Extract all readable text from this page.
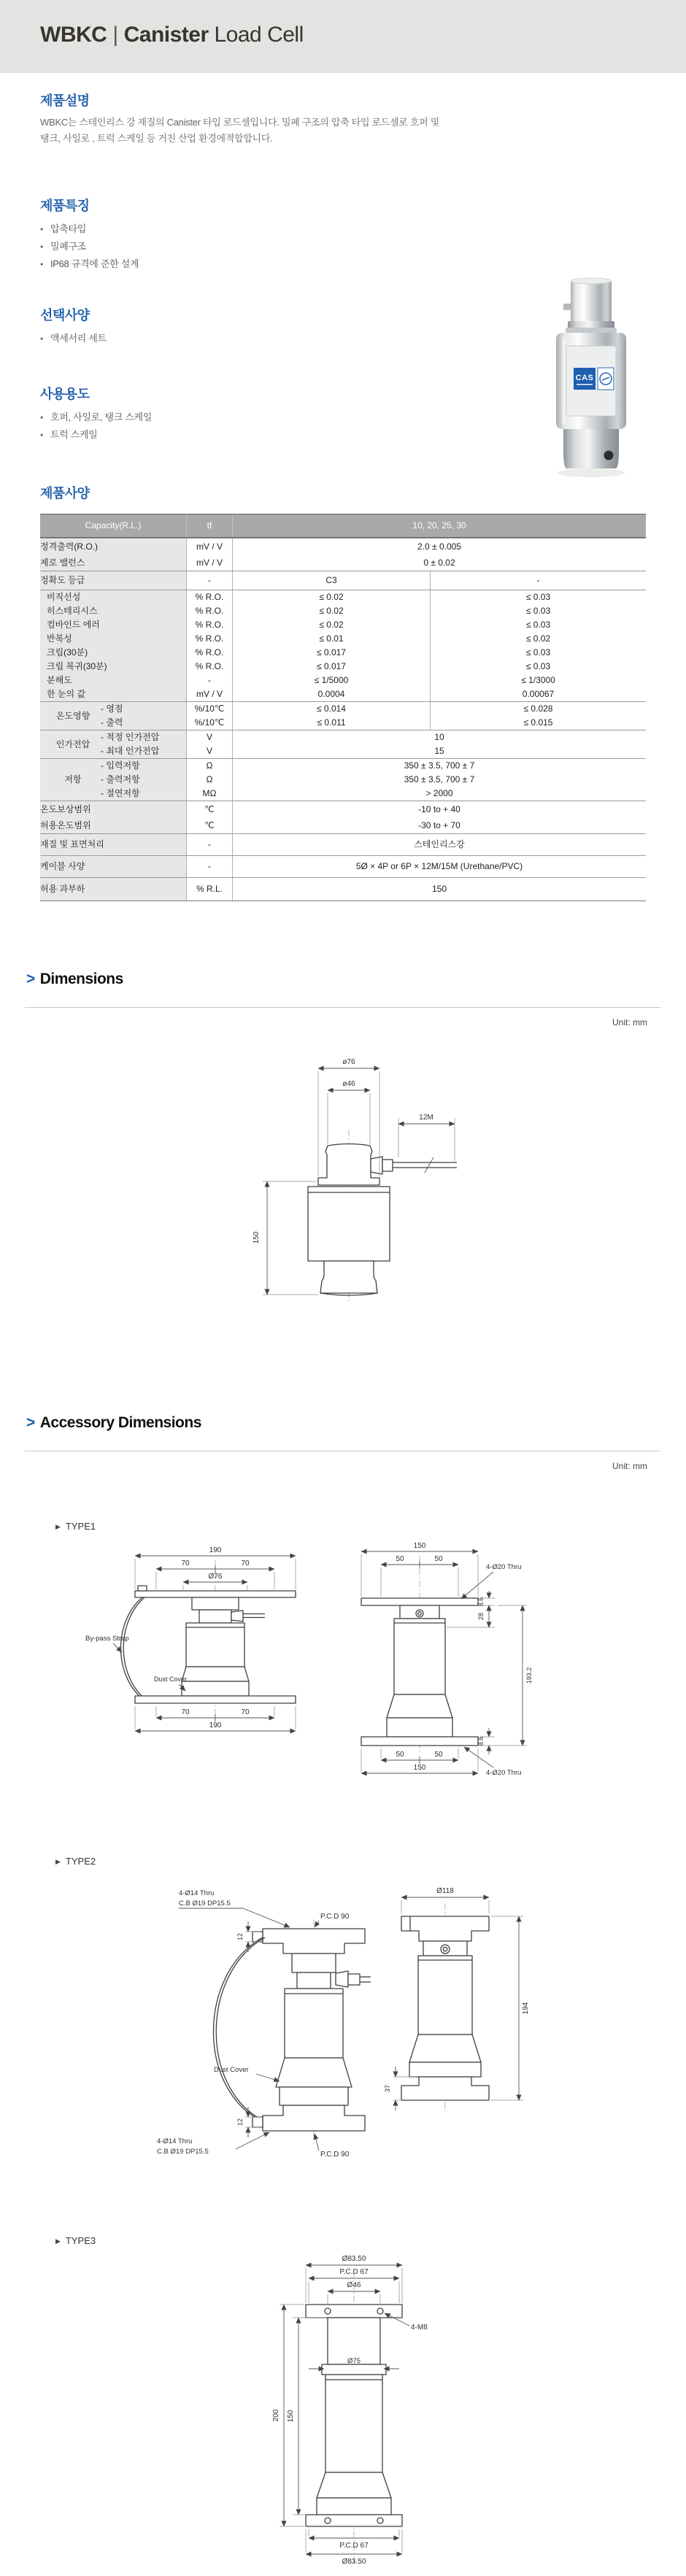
WBKC | Canister Load Cell
제품설명
WBKC는 스테인리스 강 재질의 Canister 타입 로드셀입니다. 밀폐 구조의 압축 타입 로드셀로 호퍼 및
탱크, 사일로 , 트럭 스케일 등 거친 산업 환경에적합합니다.
제품특징
● 압축타입
● 밀폐구조
● IP68 규격에 준한 설계
선택사양
● 액세서리 세트
사용용도
● 호퍼, 사일로, 탱크 스케일
● 트럭 스케일
CAS
제품사양
Capacity(R.L.)	tf	10, 20, 25, 30
정격출력(R.O.)	mV / V	2.0 ± 0.005
제로 밸런스	mV / V	0 ± 0.02
정확도 등급	-	C3	-
비직선성	% R.O.	≤ 0.02	≤ 0.03
히스테리시스	% R.O.	≤ 0.02	≤ 0.03
컴바인드 에러	% R.O.	≤ 0.02	≤ 0.03
반복성	% R.O.	≤ 0.01	≤ 0.02
크립(30분)	% R.O.	≤ 0.017	≤ 0.03
크립 복귀(30분)	% R.O.	≤ 0.017	≤ 0.03
분해도	-	≤ 1/5000	≤ 1/3000
한 눈의 값	mV / V	0.0004	0.00067
온도영향
- 영점	%/10℃	≤ 0.014	≤ 0.028
- 출력	%/10℃	≤ 0.011	≤ 0.015
인가전압
- 적정 인가전압	V	10
- 최대 인가전압	V	15
저항
- 입력저항	Ω	350 ± 3.5, 700 ± 7
- 출력저항	Ω	350 ± 3.5, 700 ± 7
- 절연저항	MΩ	> 2000
온도보상범위	℃	-10 to + 40
허용온도범위	℃	-30 to + 70
재질 및 표면처리	-	스테인리스강
케이블 사양	-	5Ø × 4P or 6P × 12M/15M (Urethane/PVC)
허용 과부하	% R.L.	150
> Dimensions
Unit: mm
ø76
ø46
12M
150
> Accessory Dimensions
Unit: mm
▶ TYPE1
190
70	70
Ø76
By-pass Strap
Dust Cover
70	70
190
150
50	50
4-Ø20 Thru
8.6
28
193.2
8.6
50	50
150
4-Ø20 Thru
▶ TYPE2
4-Ø14 Thru
C.B Ø19 DP15.5
P.C.D 90
12
Dust Cover
12
4-Ø14 Thru
C.B Ø19 DP15.5	P.C.D 90
Ø118
194
37
▶ TYPE3
Ø83.50
P.C.D 67
Ø46
4-M8
Ø75
200 150
P.C.D 67
Ø83.50
